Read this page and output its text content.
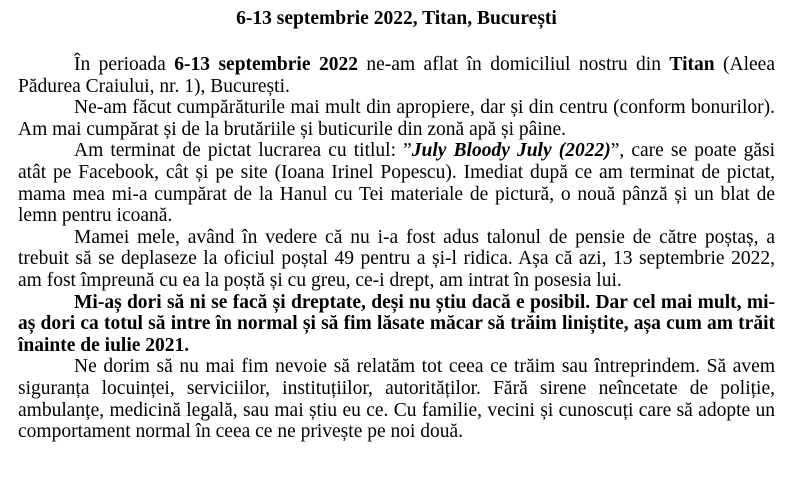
6-13 septembrie 2022, Titan, București

În perioada 6-13 septembrie 2022 ne-am aflat în domiciliul nostru din Titan (Aleea Pădurea Craiului, nr. 1), București.

Ne-am făcut cumpărăturile mai mult din apropiere, dar și din centru (conform bonurilor). Am mai cumpărat și de la brutăriile și buticurile din zonă apă și pâine.

Am terminat de pictat lucrarea cu titlul: ”July Bloody July (2022)”, care se poate găsi atât pe Facebook, cât și pe site (Ioana Irinel Popescu). Imediat după ce am terminat de pictat, mama mea mi-a cumpărat de la Hanul cu Tei materiale de pictură, o nouă pânză și un blat de lemn pentru icoană.

Mamei mele, având în vedere că nu i-a fost adus talonul de pensie de către poștaș, a trebuit să se deplaseze la oficiul poștal 49 pentru a și-l ridica. Așa că azi, 13 septembrie 2022, am fost împreună cu ea la poștă și cu greu, ce-i drept, am intrat în posesia lui.

Mi-aș dori să ni se facă și dreptate, deși nu știu dacă e posibil. Dar cel mai mult, mi-aș dori ca totul să intre în normal și să fim lăsate măcar să trăim liniștite, așa cum am trăit înainte de iulie 2021.

Ne dorim să nu mai fim nevoie să relatăm tot ceea ce trăim sau întreprindem. Să avem siguranța locuinței, serviciilor, instituțiilor, autorităților. Fără sirene neîncetate de poliție, ambulanțe, medicină legală, sau mai știu eu ce. Cu familie, vecini și cunoscuți care să adopte un comportament normal în ceea ce ne privește pe noi două.
